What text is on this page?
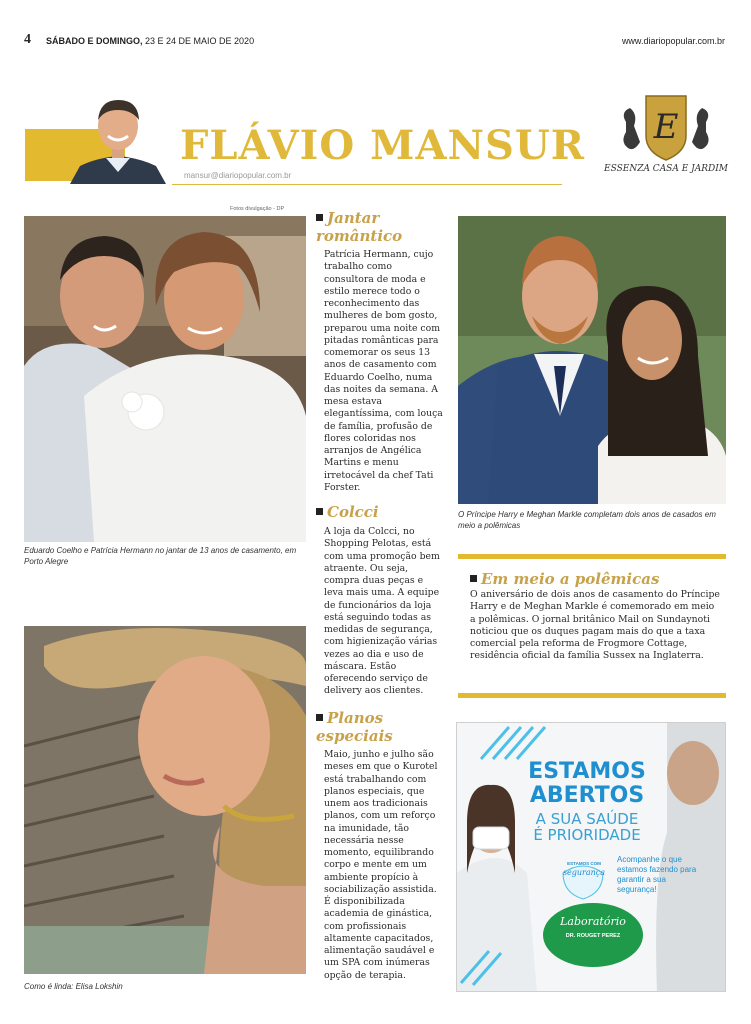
4 SÁBADO E DOMINGO, 23 E 24 DE MAIO DE 2020	www.diariopopular.com.br
FLÁVIO MANSUR
mansur@diariopopular.com.br
E
ESSENZA CASA E JARDIM
Fotos divulgação - DP
Eduardo Coelho e Patrícia Hermann no jantar de 13 anos de casamento, em Porto Alegre
Como é linda: Elisa Lokshin
Jantar romântico

Patrícia Hermann, cujo trabalho como consultora de moda e estilo merece todo o reconhecimento das mulheres de bom gosto, preparou uma noite com pitadas românticas para comemorar os seus 13 anos de casamento com Eduardo Coelho, numa das noites da semana. A mesa estava elegantíssima, com louça de família, profusão de flores coloridas nos arranjos de Angélica Martins e menu irretocável da chef Tati Forster.

Colcci

A loja da Colcci, no Shopping Pelotas, está com uma promoção bem atraente. Ou seja, compra duas peças e leva mais uma. A equipe de funcionários da loja está seguindo todas as medidas de segurança, com higienização várias vezes ao dia e uso de máscara. Estão oferecendo serviço de delivery aos clientes.

Planos especiais

Maio, junho e julho são meses em que o Kurotel está trabalhando com planos especiais, que unem aos tradicionais planos, com um reforço na imunidade, tão necessária nesse momento, equilibrando corpo e mente em um ambiente propício à sociabilização assistida. É disponibilizada academia de ginástica, com profissionais altamente capacitados, alimentação saudável e um SPA com inúmeras opção de terapia.

O Príncipe Harry e Meghan Markle completam dois anos de casados em meio a polêmicas
Em meio a polêmicas

O aniversário de dois anos de casamento do Príncipe Harry e de Meghan Markle é comemorado em meio a polêmicas. O jornal britânico Mail on Sundaynoti noticiou que os duques pagam mais do que a taxa comercial pela reforma de Frogmore Cottage, residência oficial da família Sussex na Inglaterra.

ESTAMOS
ABERTOS
A SUA SAÚDE
É PRIORIDADE
ESTAMOS COM
segurança
Acompanhe o que estamos fazendo para garantir a sua segurança!
Laboratório
DR. ROUGET PEREZ
